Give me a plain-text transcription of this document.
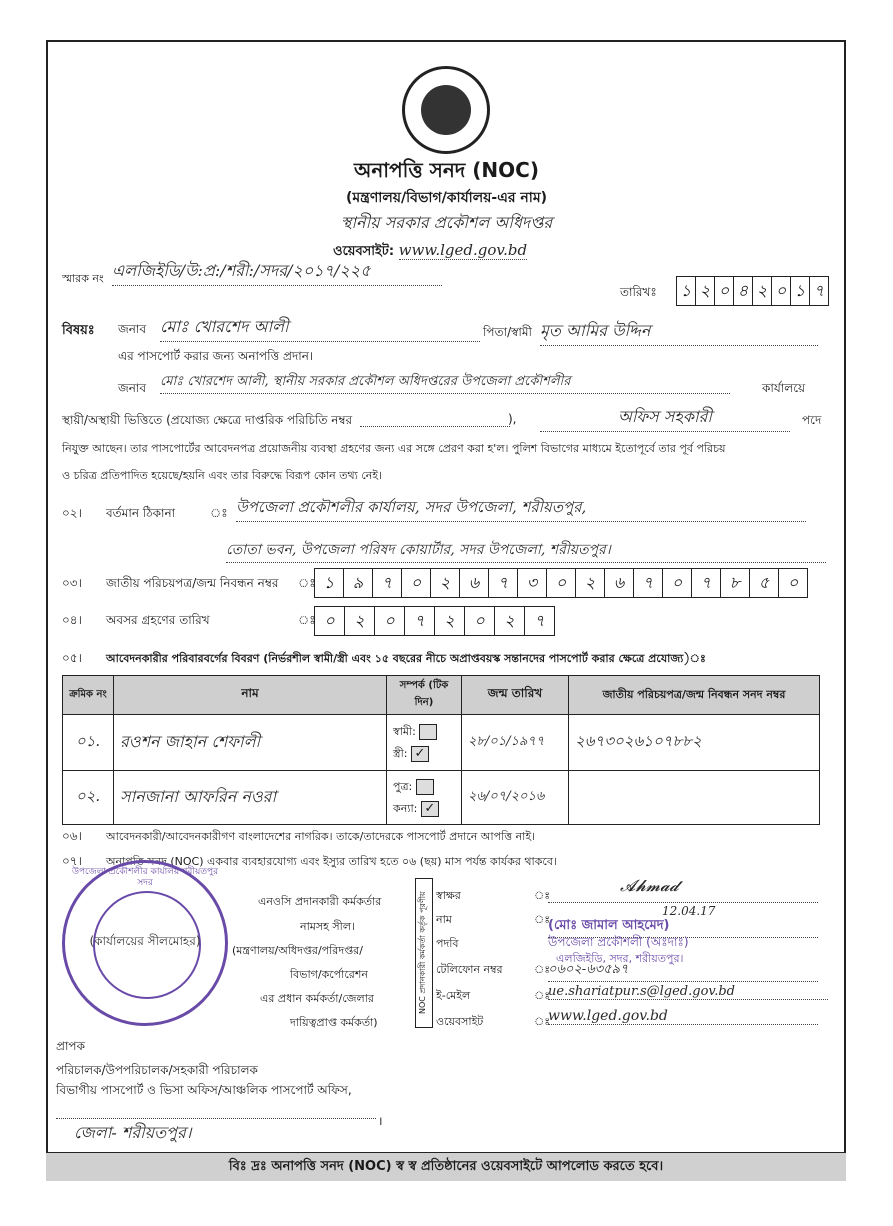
অনাপত্তি সনদ (NOC)
(মন্ত্রণালয়/বিভাগ/কার্যালয়-এর নাম)
স্থানীয় সরকার প্রকৌশল অধিদপ্তর
ওয়েবসাইট: www.lged.gov.bd
স্মারক নং এলজিইডি/উ:প্র:/শরী:/সদর/২০১৭/২২৫
তারিখঃ ১ ২ ০ ৪ ২ ০ ১ ৭
বিষয়ঃ জনাব মোঃ খোরশেদ আলী	পিতা/স্বামী মৃত আমির উদ্দিন
এর পাসপোর্ট করার জন্য অনাপত্তি প্রদান।
জনাব মোঃ খোরশেদ আলী, স্থানীয় সরকার প্রকৌশল অধিদপ্তরের উপজেলা প্রকৌশলীর	কার্যালয়ে
স্থায়ী/অস্থায়ী ভিত্তিতে (প্রযোজ্য ক্ষেত্রে দাপ্তরিক পরিচিতি নম্বর	),	অফিস সহকারী	পদে
নিযুক্ত আছেন। তার পাসপোর্টের আবেদনপত্র প্রয়োজনীয় ব্যবস্থা গ্রহণের জন্য এর সঙ্গে প্রেরণ করা হ'ল। পুলিশ বিভাগের মাধ্যমে ইতোপূর্বে তার পূর্ব পরিচয়
ও চরিত্র প্রতিপাদিত হয়েছে/হয়নি এবং তার বিরুদ্ধে বিরূপ কোন তথ্য নেই।
০২। বর্তমান ঠিকানা	ঃ উপজেলা প্রকৌশলীর কার্যালয়, সদর উপজেলা, শরীয়তপুর,
তোতা ভবন, উপজেলা পরিষদ কোয়ার্টার, সদর উপজেলা, শরীয়তপুর।
০৩। জাতীয় পরিচয়পত্র/জন্ম নিবন্ধন নম্বর ঃ ১	৯	৭	০	২	৬	৭	৩	০	২	৬	৭	০	৭	৮	৫	০
০৪। অবসর গ্রহণের তারিখ	ঃ ০	২	০	৭	২	০	২	৭
০৫। আবেদনকারীর পরিবারবর্গের বিবরণ (নির্ভরশীল স্বামী/স্ত্রী এবং ১৫ বছরের নীচে অপ্রাপ্তবয়স্ক সন্তানদের পাসপোর্ট করার ক্ষেত্রে প্রযোজ্য)ঃ
ক্রমিক নং	নাম	সম্পর্ক (টিক দিন)	জন্ম তারিখ	জাতীয় পরিচয়পত্র/জন্ম নিবন্ধন সনদ নম্বর
০১.	রওশন জাহান শেফালী	স্বামী:
স্ত্রী: ✓	২৮/০১/১৯৭৭	২৬৭৩০২৬১০৭৮৮২
০২.	সানজানা আফরিন নওরা	পুত্র:
কন্যা: ✓	২৬/০৭/২০১৬	
০৬। আবেদনকারী/আবেদনকারীগণ বাংলাদেশের নাগরিক। তাকে/তাদেরকে পাসপোর্ট প্রদানে আপত্তি নাই।
০৭। অনাপত্তি সনদ (NOC) একবার ব্যবহারযোগ্য এবং ইস্যুর তারিখ হতে ০৬ (ছয়) মাস পর্যন্ত কার্যকর থাকবে।
(কার্যালয়ের সীলমোহর)
উপজেলা প্রকৌশলীর কার্যালয় শরীয়তপুর সদর
এনওসি প্রদানকারী কর্মকর্তার
নামসহ সীল।
(মন্ত্রণালয়/অধিদপ্তর/পরিদপ্তর/
বিভাগ/কর্পোরেশন
এর প্রধান কর্মকর্তা/জেলার
দায়িত্বপ্রাপ্ত কর্মকর্তা)
NOC প্রদানকারী কর্মকর্তা কর্তৃক পূরণীয় স্বাক্ষর	ঃ
𝓐𝓱𝓶𝓪𝓭
12.04.17
নাম	ঃ
(মোঃ জামাল আহমেদ)
পদবি	উপজেলা প্রকৌশলী (অঃদাঃ)
এলজিইডি, সদর, শরীয়তপুর।
টেলিফোন নম্বর	ঃ
০৬০২-৬৩৫৯৭
ই-মেইল	ঃ
ue.shariatpur.s@lged.gov.bd
ওয়েবসাইট	ঃ
www.lged.gov.bd
প্রাপক
পরিচালক/উপপরিচালক/সহকারী পরিচালক
বিভাগীয় পাসপোর্ট ও ভিসা অফিস/আঞ্চলিক পাসপোর্ট অফিস,
।
জেলা- শরীয়তপুর।
বিঃ দ্রঃ অনাপত্তি সনদ (NOC) স্ব স্ব প্রতিষ্ঠানের ওয়েবসাইটে আপলোড করতে হবে।
